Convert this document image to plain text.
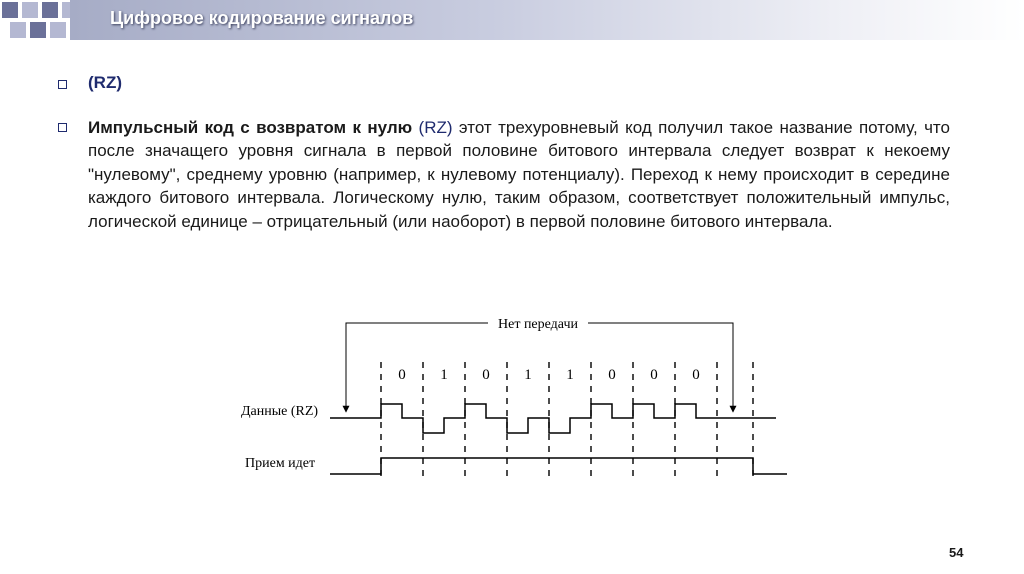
Цифровое кодирование сигналов
(RZ)
Импульсный код с возвратом к нулю (RZ) этот трехуровневый код получил такое название потому, что после значащего уровня сигнала в первой половине битового интервала следует возврат к некоему "нулевому", среднему уровню (например, к нулевому потенциалу). Переход к нему происходит в середине каждого битового интервала. Логическому нулю, таким образом, соответствует положительный импульс, логической единице – отрицательный (или наоборот) в первой половине битового интервала.
Нет передачи
0 1 0 1 1 0 0 0
Данные (RZ)
Прием идет
54
